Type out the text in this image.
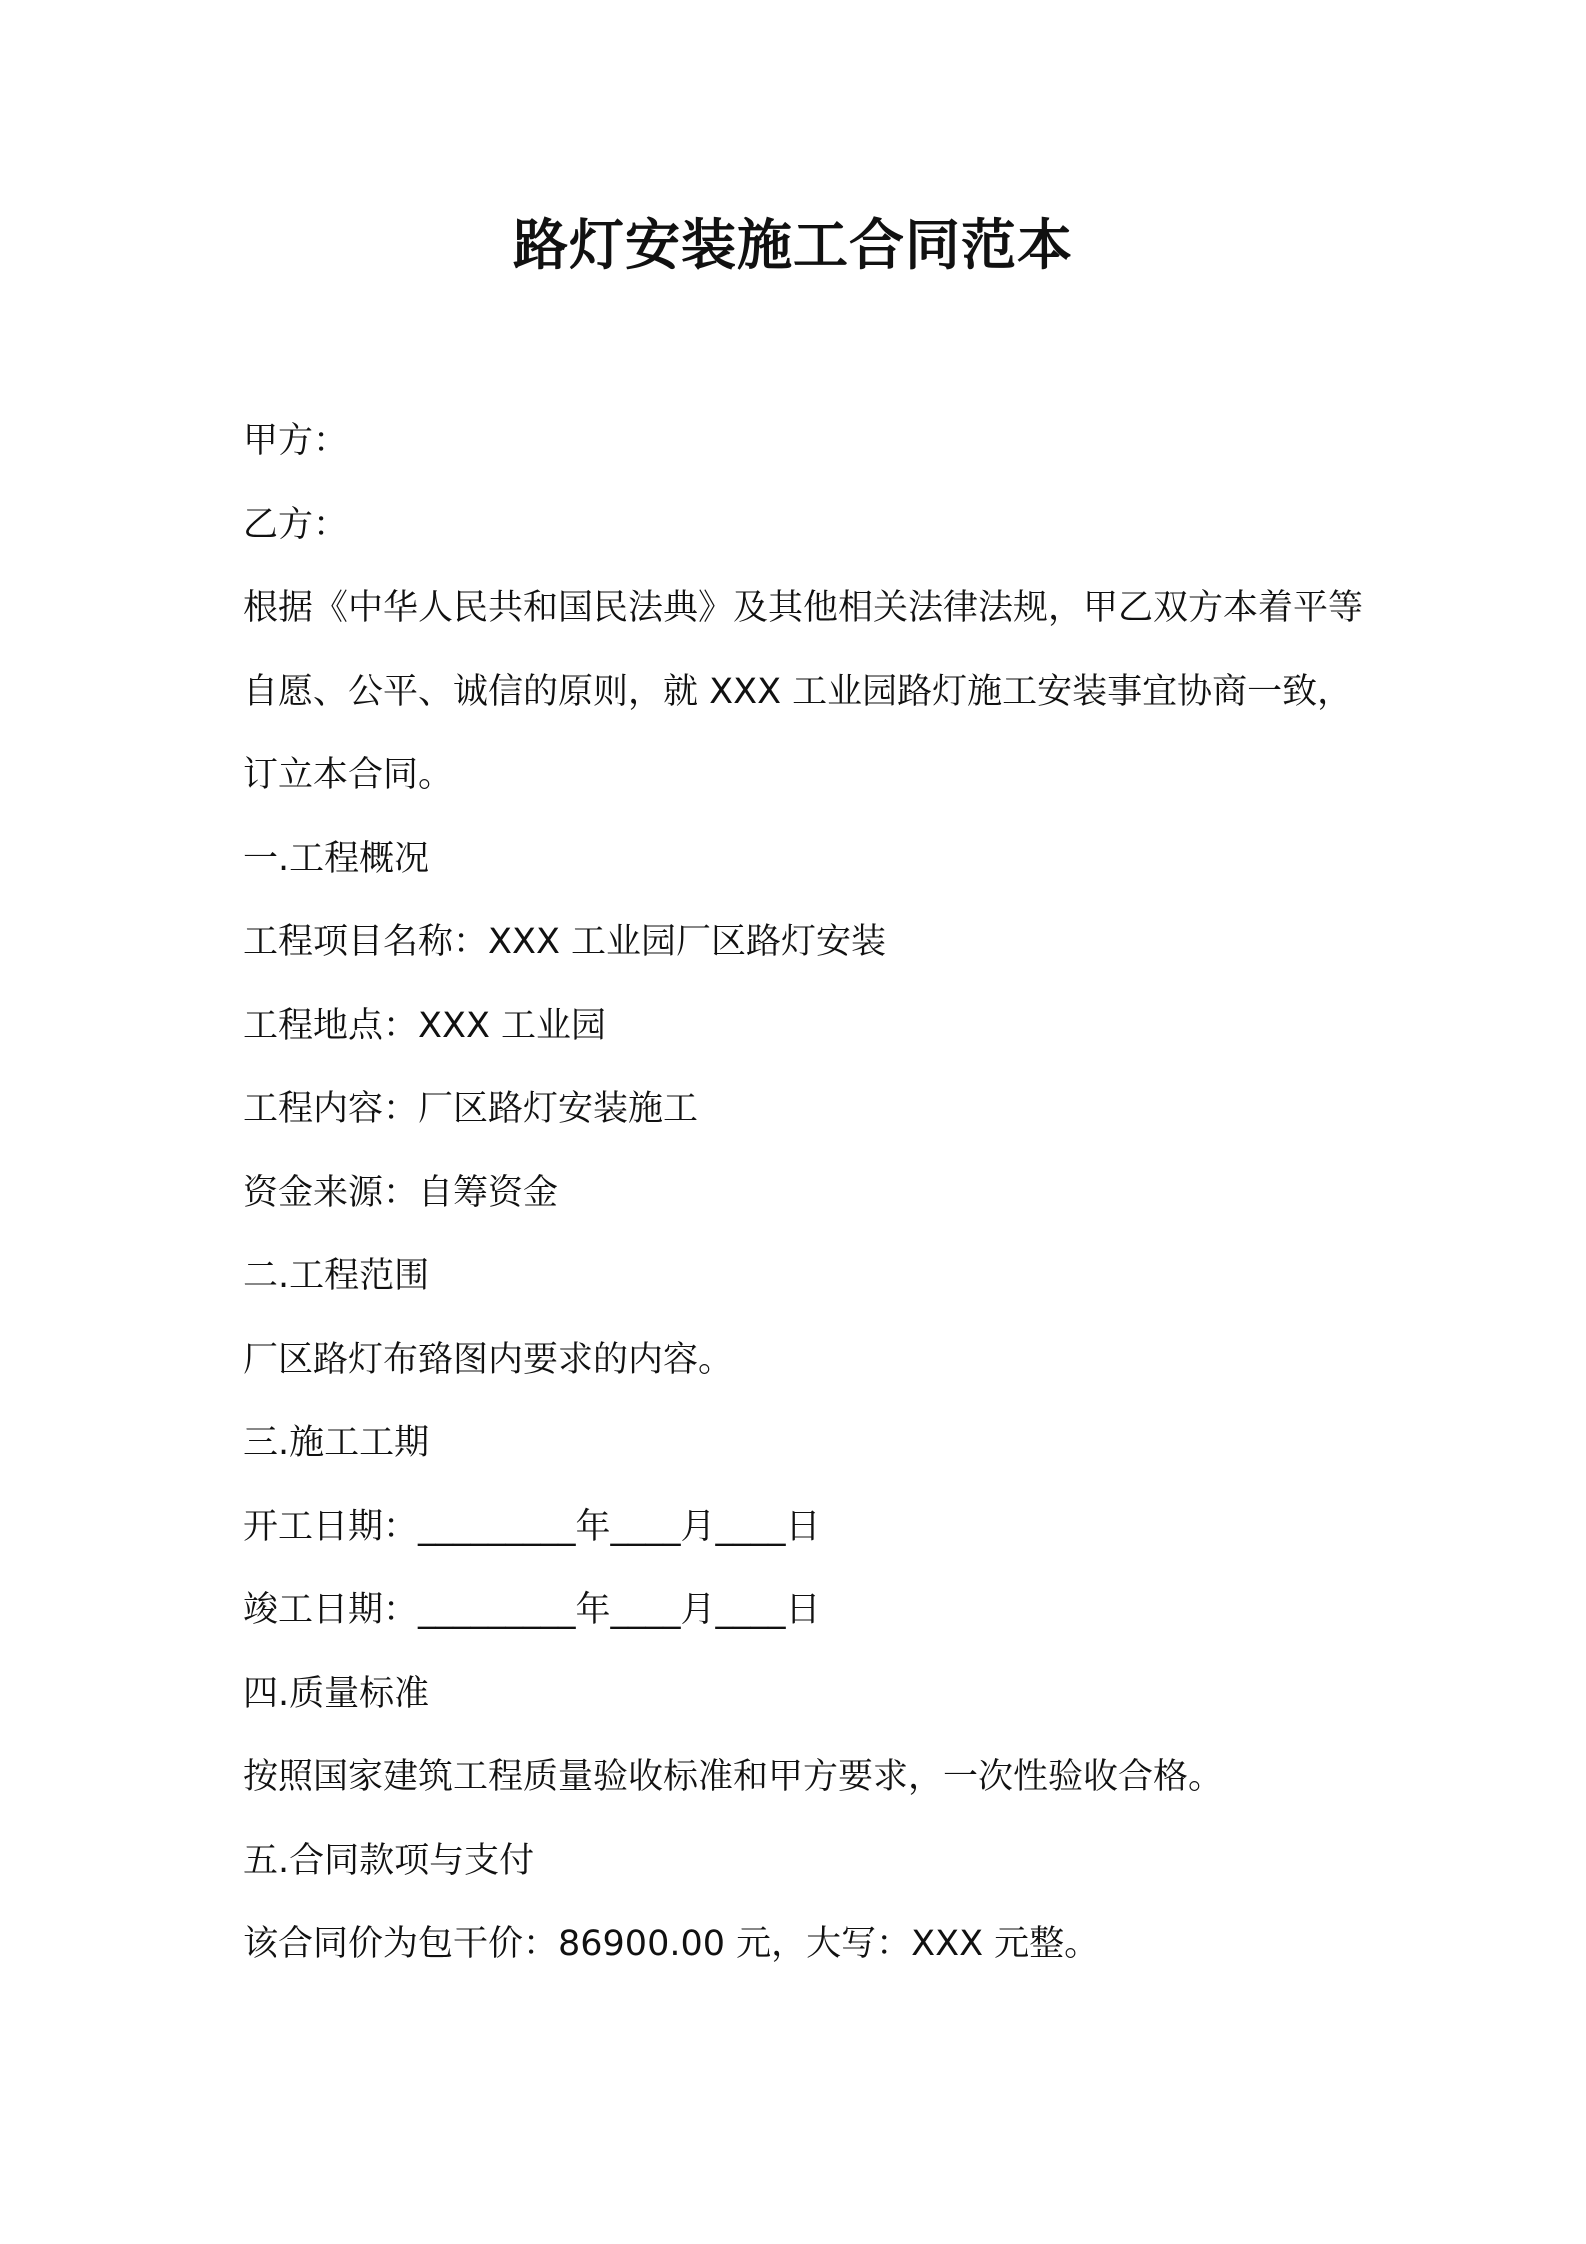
路灯安装施工合同范本
甲方：
乙方：
根据《中华人民共和国民法典》及其他相关法律法规，甲乙双方本着平等自愿、公平、诚信的原则，就 XXX 工业园路灯施工安装事宜协商一致，订立本合同。
一.工程概况
工程项目名称：XXX 工业园厂区路灯安装
工程地点：XXX 工业园
工程内容：厂区路灯安装施工
资金来源：自筹资金
二.工程范围
厂区路灯布臵图内要求的内容。
三.施工工期
开工日期：_________年____月____日
竣工日期：_________年____月____日
四.质量标准
按照国家建筑工程质量验收标准和甲方要求，一次性验收合格。
五.合同款项与支付
该合同价为包干价：86900.00 元，大写：XXX 元整。
